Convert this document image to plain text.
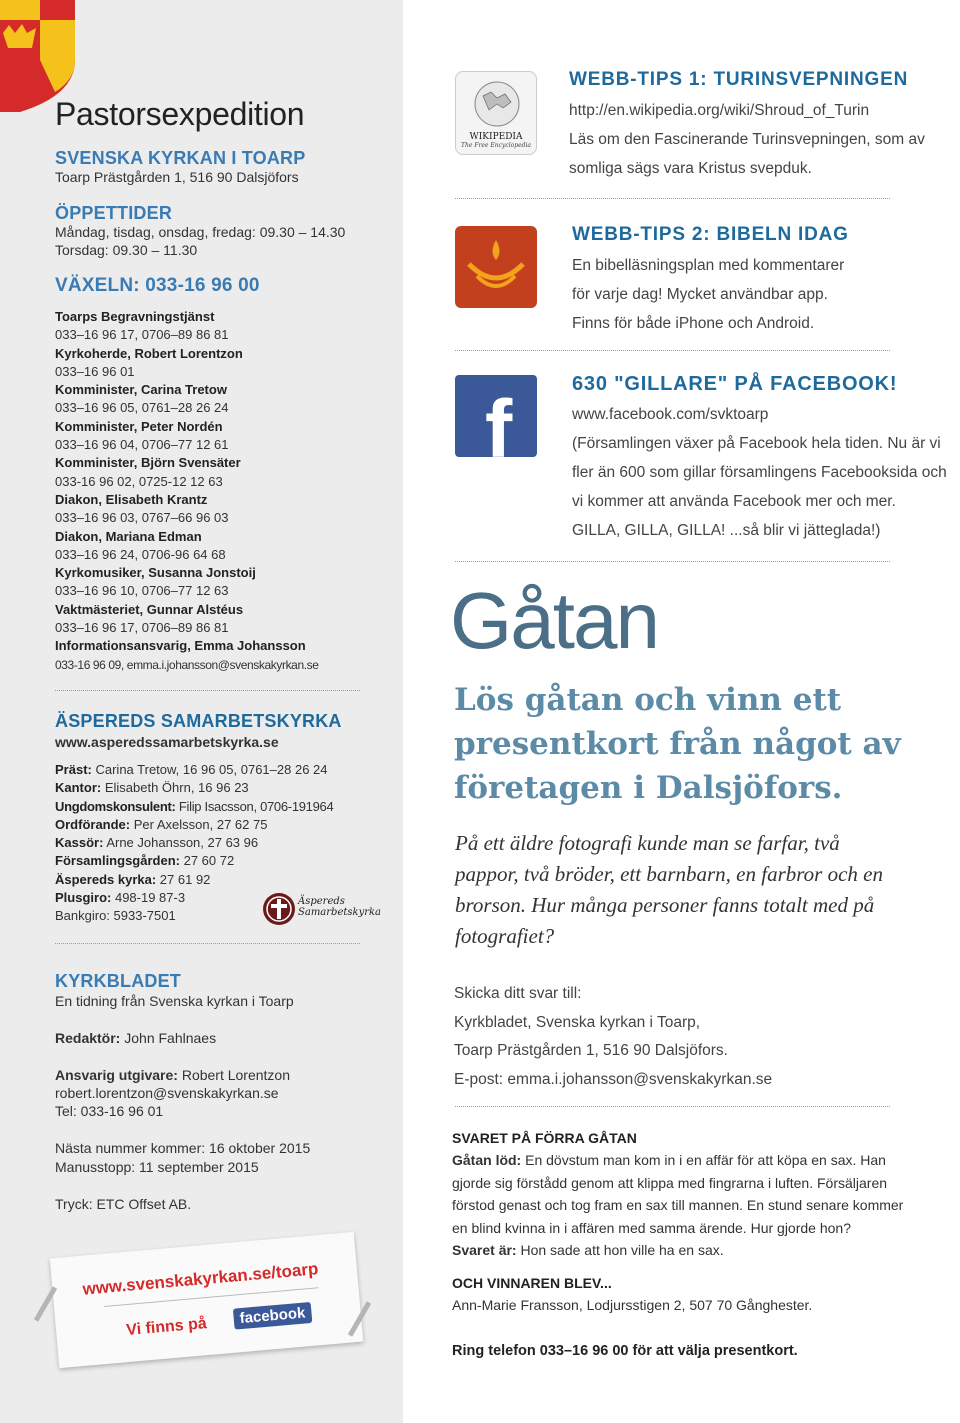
Pastorsexpedition
SVENSKA KYRKAN I TOARP
Toarp Prästgården 1, 516 90 Dalsjöfors
ÖPPETTIDER
Måndag, tisdag, onsdag, fredag: 09.30 – 14.30
Torsdag: 09.30 – 11.30
VÄXELN: 033-16 96 00
Toarps Begravningstjänst
033–16 96 17, 0706–89 86 81
Kyrkoherde, Robert Lorentzon
033–16 96 01
Komminister, Carina Tretow
033–16 96 05, 0761–28 26 24
Komminister, Peter Nordén
033–16 96 04, 0706–77 12 61
Komminister, Björn Svensäter
033-16 96 02, 0725-12 12 63
Diakon, Elisabeth Krantz
033–16 96 03, 0767–66 96 03
Diakon, Mariana Edman
033–16 96 24, 0706-96 64 68
Kyrkomusiker, Susanna Jonstoij
033–16 96 10, 0706–77 12 63
Vaktmästeriet, Gunnar Alstéus
033–16 96 17, 0706–89 86 81
Informationsansvarig, Emma Johansson
033-16 96 09, emma.i.johansson@svenskakyrkan.se
ÄSPEREDS SAMARBETSKYRKA
www.asperedssamarbetskyrka.se
Präst: Carina Tretow, 16 96 05, 0761–28 26 24
Kantor: Elisabeth Öhrn, 16 96 23
Ungdomskonsulent: Filip Isacsson, 0706-191964
Ordförande: Per Axelsson, 27 62 75
Kassör: Arne Johansson, 27 63 96
Församlingsgården: 27 60 72
Äspereds kyrka: 27 61 92
Plusgiro: 498-19 87-3
Bankgiro: 5933-7501
Äspereds
Samarbetskyrka
KYRKBLADET
En tidning från Svenska kyrkan i Toarp
Redaktör: John Fahlnaes
Ansvarig utgivare: Robert Lorentzon
robert.lorentzon@svenskakyrkan.se
Tel: 033-16 96 01
Nästa nummer kommer: 16 oktober 2015
Manusstopp: 11 september 2015
Tryck: ETC Offset AB.
www.svenskakyrkan.se/toarp
Vi finns på	facebook
WIKIPEDIA
The Free Encyclopedia
WEBB-TIPS 1: TURINSVEPNINGEN
http://en.wikipedia.org/wiki/Shroud_of_Turin
Läs om den Fascinerande Turinsvepningen, som av
somliga sägs vara Kristus svepduk.
WEBB-TIPS 2: BIBELN IDAG
En bibelläsningsplan med kommentarer
för varje dag! Mycket användbar app.
Finns för både iPhone och Android.
f	630 "GILLARE" PÅ FACEBOOK!
www.facebook.com/svktoarp
(Församlingen växer på Facebook hela tiden. Nu är vi
fler än 600 som gillar församlingens Facebooksida och
vi kommer att använda Facebook mer och mer.
GILLA, GILLA, GILLA! ...så blir vi jätteglada!)
Gåtan
Lös gåtan och vinn ett
presentkort från något av
företagen i Dalsjöfors.
På ett äldre fotografi kunde man se farfar, två
pappor, två bröder, ett barnbarn, en farbror och en
brorson. Hur många personer fanns totalt med på
fotografiet?
Skicka ditt svar till:
Kyrkbladet, Svenska kyrkan i Toarp,
Toarp Prästgården 1, 516 90 Dalsjöfors.
E-post: emma.i.johansson@svenskakyrkan.se
SVARET PÅ FÖRRA GÅTAN
Gåtan löd: En dövstum man kom in i en affär för att köpa en sax. Han
gjorde sig förstådd genom att klippa med fingrarna i luften. Försäljaren
förstod genast och tog fram en sax till mannen. En stund senare kommer
en blind kvinna in i affären med samma ärende. Hur gjorde hon?
Svaret är: Hon sade att hon ville ha en sax.
OCH VINNAREN BLEV...
Ann-Marie Fransson, Lodjursstigen 2, 507 70 Gånghester.
Ring telefon 033–16 96 00 för att välja presentkort.
